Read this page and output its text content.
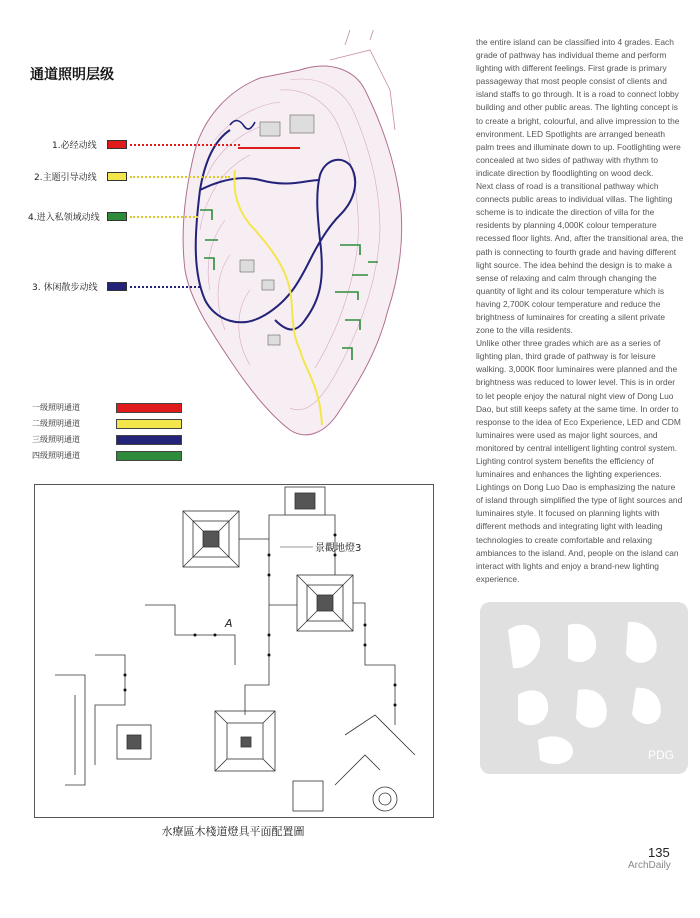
通道照明层级
1.必经动线
2.主题引导动线
4.进入私领域动线
3. 休闲散步动线
一级照明通道
二级照明通道
三级照明通道
四级照明通道
景觀地燈3
A
水療區木棧道燈具平面配置圖

the entire island can be classified into 4 grades. Each grade of pathway has individual theme and perform lighting with different feelings. First grade is primary passageway that most people consist of clients and island staffs to go through. It is a road to connect lobby building and other public areas. The lighting concept is to create a bright, colourful, and alive impression to the environment. LED Spotlights are arranged beneath palm trees and illuminate down to up. Footlighting were concealed at two sides of pathway with rhythm to indicate direction by floodlighting on wood deck.

Next class of road is a transitional pathway which connects public areas to individual villas. The lighting scheme is to indicate the direction of villa for the residents by planning 4,000K colour temperature recessed floor lights. And, after the transitional area, the path is connecting to fourth grade and having different light source. The idea behind the design is to make a sense of relaxing and calm through changing the quantity of light and its colour temperature which is having 2,700K colour temperature and reduce the brightness of luminaires for creating a silent private zone to the villa residents.

Unlike other three grades which are as a series of lighting plan, third grade of pathway is for leisure walking. 3,000K floor luminaires were planned and the brightness was reduced to lower level. This is in order to let people enjoy the natural night view of Dong Luo Dao, but still keeps safety at the same time. In order to response to the idea of Eco Experience, LED and CDM luminaires were used as major light sources, and monitored by central intelligent lighting control system. Lighting control system benefits the efficiency of luminaires and enhances the lighting experiences.

Lightings on Dong Luo Dao is emphasizing the nature of island through simplified the type of light sources and luminaires style. It focused on planning lights with different methods and integrating light with leading technologies to create comfortable and relaxing ambiances to the island. And, people on the island can interact with lights and enjoy a brand-new lighting experience.

PDG
135
ArchDaily
